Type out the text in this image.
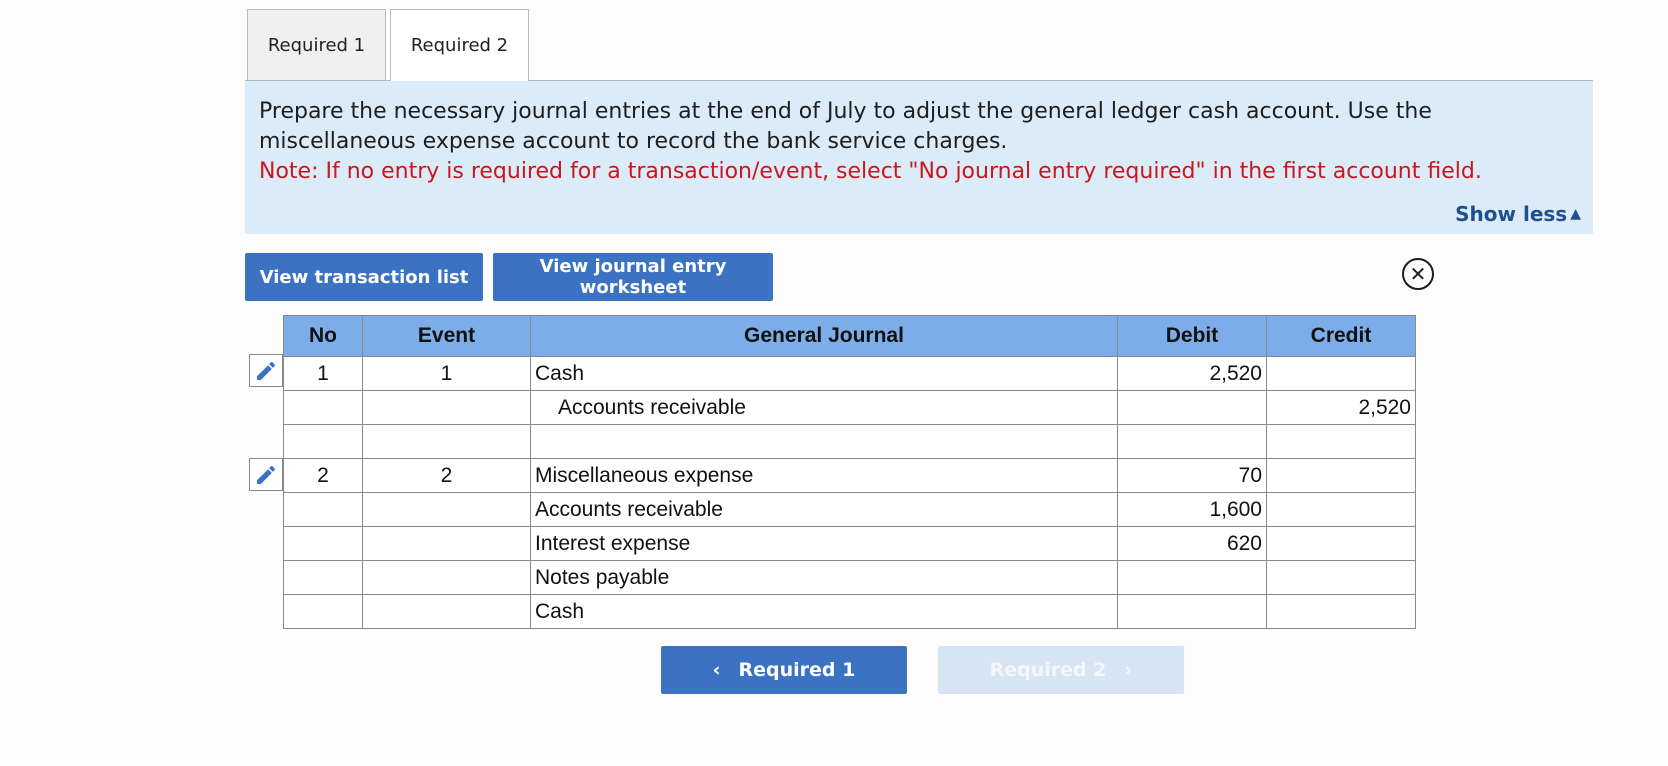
Required 1	Required 2

Prepare the necessary journal entries at the end of July to adjust the general ledger cash account. Use the

miscellaneous expense account to record the bank service charges.

Note: If no entry is required for a transaction/event, select "No journal entry required" in the first account field.

Show less ▲
View transaction list	View journal entry worksheet
✕
No	Event	General Journal	Debit	Credit
1	1	Cash	2,520	
		Accounts receivable		2,520

2	2	Miscellaneous expense	70	
		Accounts receivable	1,600	
		Interest expense	620	
		Notes payable		
		Cash		
‹ Required 1	Required 2 ›
